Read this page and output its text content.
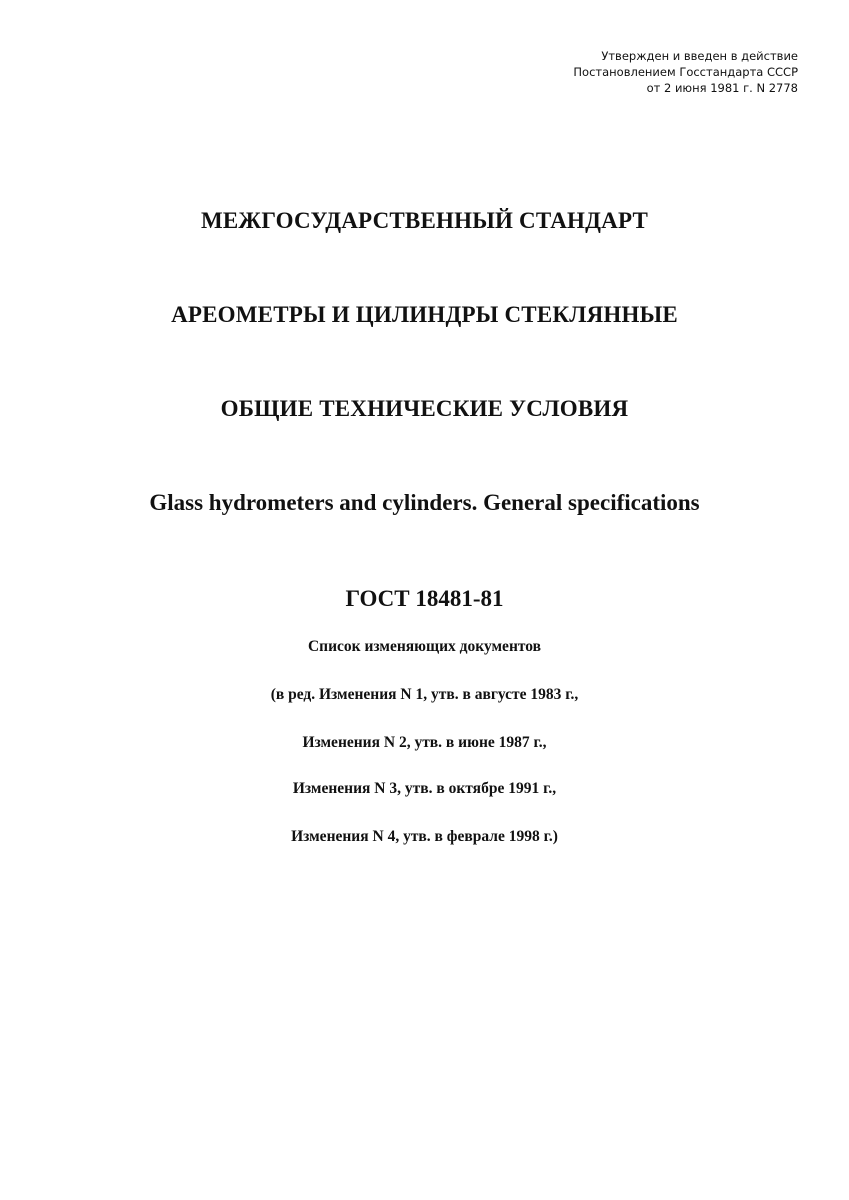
Утвержден и введен в действие
Постановлением Госстандарта СССР
от 2 июня 1981 г. N 2778
МЕЖГОСУДАРСТВЕННЫЙ СТАНДАРТ
АРЕОМЕТРЫ И ЦИЛИНДРЫ СТЕКЛЯННЫЕ
ОБЩИЕ ТЕХНИЧЕСКИЕ УСЛОВИЯ
Glass hydrometers and cylinders. General specifications
ГОСТ 18481-81
Список изменяющих документов
(в ред. Изменения N 1, утв. в августе 1983 г.,
Изменения N 2, утв. в июне 1987 г.,
Изменения N 3, утв. в октябре 1991 г.,
Изменения N 4, утв. в феврале 1998 г.)
